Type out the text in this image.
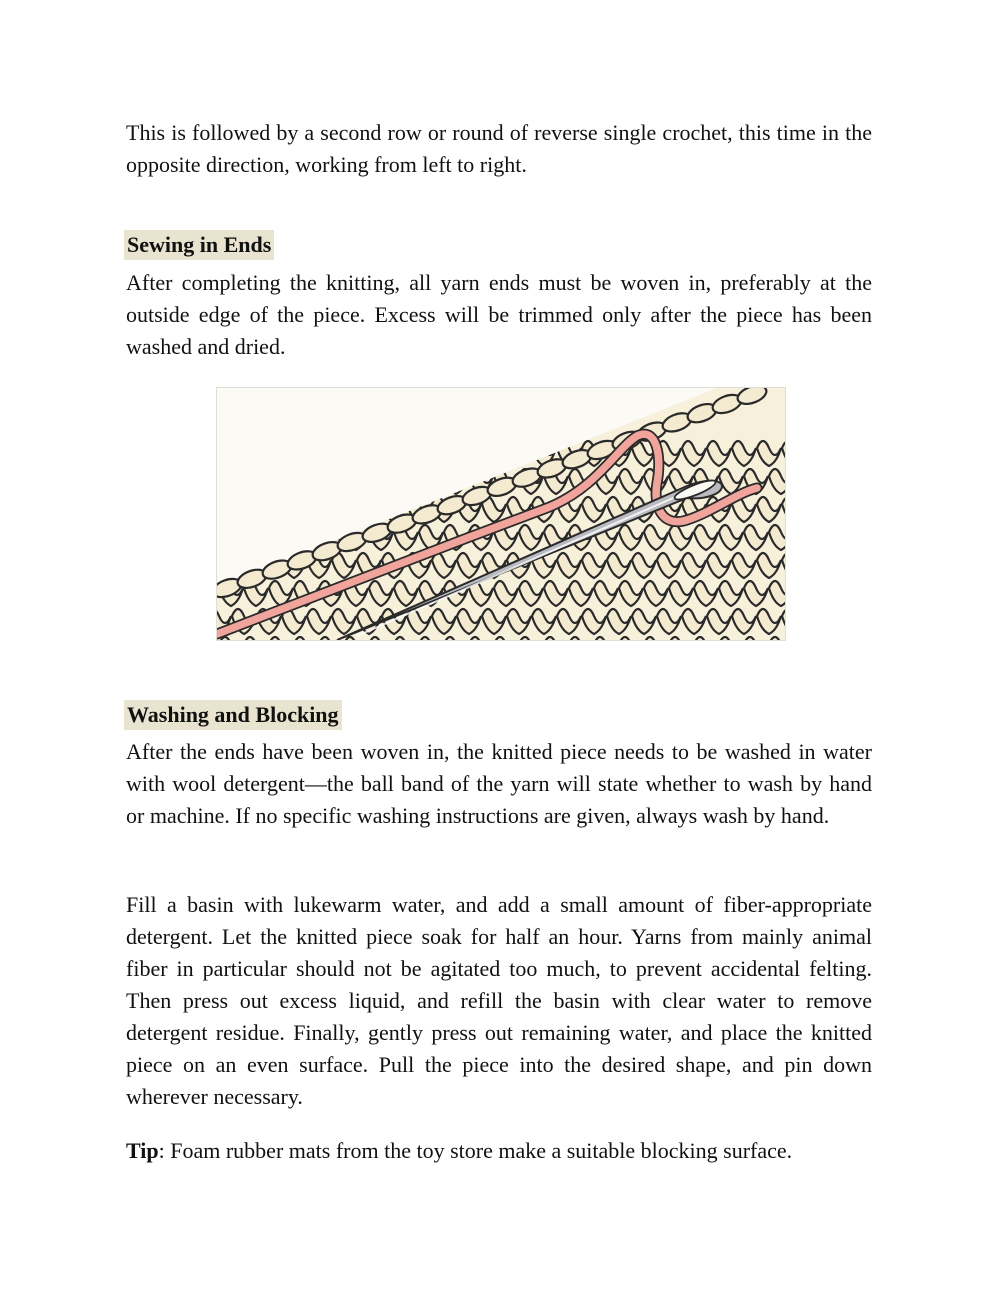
This is followed by a second row or round of reverse single crochet, this time in the opposite direction, working from left to right.

Sewing in Ends

After completing the knitting, all yarn ends must be woven in, preferably at the outside edge of the piece. Excess will be trimmed only after the piece has been washed and dried.

Washing and Blocking

After the ends have been woven in, the knitted piece needs to be washed in water with wool detergent—the ball band of the yarn will state whether to wash by hand or machine. If no specific washing instructions are given, always wash by hand.

Fill a basin with lukewarm water, and add a small amount of fiber-appropriate detergent. Let the knitted piece soak for half an hour. Yarns from mainly animal fiber in particular should not be agitated too much, to prevent accidental felting. Then press out excess liquid, and refill the basin with clear water to remove detergent residue. Finally, gently press out remaining water, and place the knitted piece on an even surface. Pull the piece into the desired shape, and pin down wherever necessary.

Tip: Foam rubber mats from the toy store make a suitable blocking surface.
